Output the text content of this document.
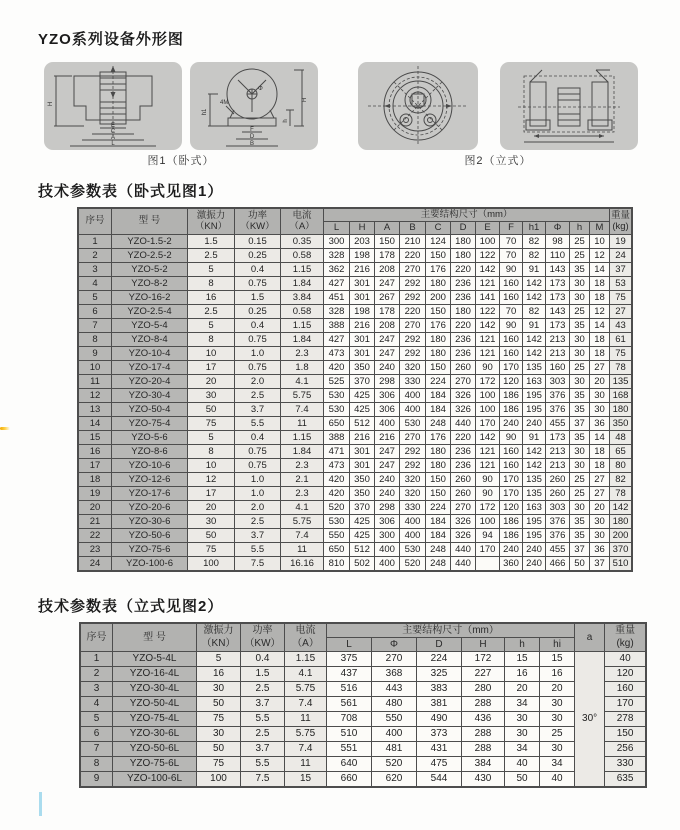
YZO系列设备外形图
H
E
C
A
L
h1
4M
F
D
B
H
h
Φ
图1（卧式）	图2（立式）
技术参数表（卧式见图1）
序号	型 号	
激振力
（KN）

功率
（KW）

电流
（A）
	主要结构尺寸（mm）	重量
(kg)

					L	H	A	B	C	D	E	F	h1	Φ	h	M	
1	YZO-1.5-2	1.5	0.15	0.35	300	203	150	210	124	180	100	70	82	98	25	10	19
2	YZO-2.5-2	2.5	0.25	0.58	328	198	178	220	150	180	122	70	82	110	25	12	24
3	YZO-5-2	5	0.4	1.15	362	216	208	270	176	220	142	90	91	143	35	14	37
4	YZO-8-2	8	0.75	1.84	427	301	247	292	180	236	121	160	142	173	30	18	53
5	YZO-16-2	16	1.5	3.84	451	301	267	292	200	236	141	160	142	173	30	18	75
6	YZO-2.5-4	2.5	0.25	0.58	328	198	178	220	150	180	122	70	82	143	25	12	27
7	YZO-5-4	5	0.4	1.15	388	216	208	270	176	220	142	90	91	173	35	14	43
8	YZO-8-4	8	0.75	1.84	427	301	247	292	180	236	121	160	142	213	30	18	61
9	YZO-10-4	10	1.0	2.3	473	301	247	292	180	236	121	160	142	213	30	18	75
10	YZO-17-4	17	0.75	1.8	420	350	240	320	150	260	90	170	135	160	25	27	78
11	YZO-20-4	20	2.0	4.1	525	370	298	330	224	270	172	120	163	303	30	20	135
12	YZO-30-4	30	2.5	5.75	530	425	306	400	184	326	100	186	195	376	35	30	168
13	YZO-50-4	50	3.7	7.4	530	425	306	400	184	326	100	186	195	376	35	30	180
14	YZO-75-4	75	5.5	11	650	512	400	530	248	440	170	240	240	455	37	36	350
15	YZO-5-6	5	0.4	1.15	388	216	216	270	176	220	142	90	91	173	35	14	48
16	YZO-8-6	8	0.75	1.84	471	301	247	292	180	236	121	160	142	213	30	18	65
17	YZO-10-6	10	0.75	2.3	473	301	247	292	180	236	121	160	142	213	30	18	80
18	YZO-12-6	12	1.0	2.1	420	350	240	320	150	260	90	170	135	260	25	27	82
19	YZO-17-6	17	1.0	2.3	420	350	240	320	150	260	90	170	135	260	25	27	78
20	YZO-20-6	20	2.0	4.1	520	370	298	330	224	270	172	120	163	303	30	20	142
21	YZO-30-6	30	2.5	5.75	530	425	306	400	184	326	100	186	195	376	35	30	180
22	YZO-50-6	50	3.7	7.4	550	425	300	400	184	326	94	186	195	376	35	30	200
23	YZO-75-6	75	5.5	11	650	512	400	530	248	440	170	240	240	455	37	36	370
24	YZO-100-6	100	7.5	16.16	810	502	400	520	248	440		360	240	466	50	37	510
技术参数表（立式见图2）
序号	型 号	
激振力
（KN）

功率
（KW）

电流
（A）
	主要结构尺寸（mm）	a	
重量
(kg)

					L	Φ	D	H	h	hi		
1	YZO-5-4L	5	0.4	1.15	375	270	224	172	15	15	30°	40
2	YZO-16-4L	16	1.5	4.1	437	368	325	227	16	16		120
3	YZO-30-4L	30	2.5	5.75	516	443	383	280	20	20		160
4	YZO-50-4L	50	3.7	7.4	561	480	381	288	34	30		170
5	YZO-75-4L	75	5.5	11	708	550	490	436	30	30		278
6	YZO-30-6L	30	2.5	5.75	510	400	373	288	30	25		150
7	YZO-50-6L	50	3.7	7.4	551	481	431	288	34	30		256
8	YZO-75-6L	75	5.5	11	640	520	475	384	40	34		330
9	YZO-100-6L	100	7.5	15	660	620	544	430	50	40		635
